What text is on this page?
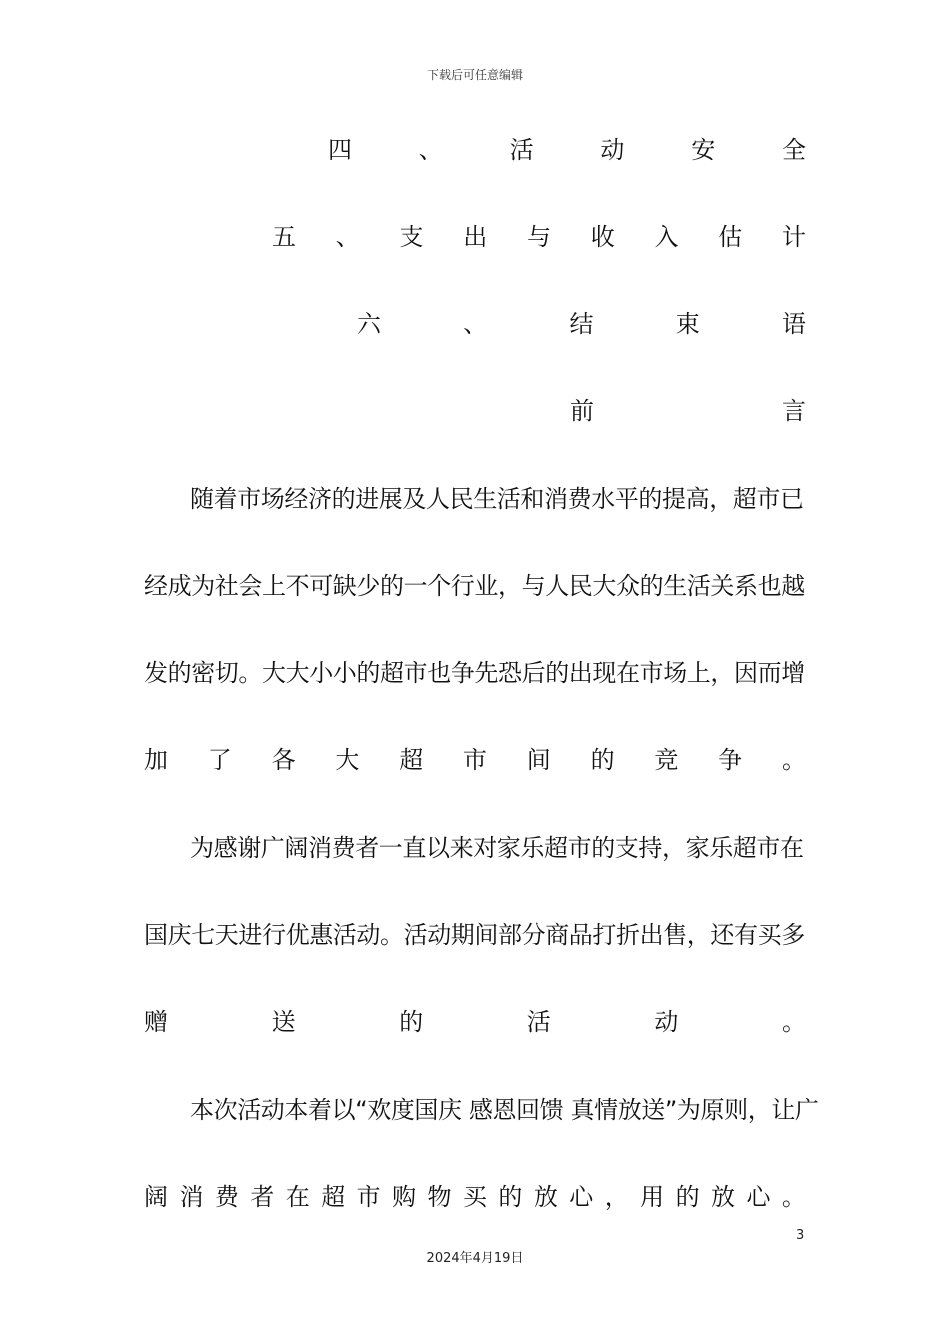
下载后可任意编辑
四	、	活	动	安	全
五 、 支 出 与 收 入 估 计
六	、	结	束	语
前	言
随着市场经济的进展及人民生活和消费水平的提高，超市已
经成为社会上不可缺少的一个行业，与人民大众的生活关系也越
发的密切。大大小小的超市也争先恐后的出现在市场上，因而增
加 了 各 大 超 市 间 的 竞 争 。
为感谢广阔消费者一直以来对家乐超市的支持，家乐超市在
国庆七天进行优惠活动。活动期间部分商品打折出售，还有买多
赠	送	的	活	动	。
本次活动本着以“欢度国庆 感恩回馈 真情放送”为原则，让广
阔 消 费 者 在 超 市 购 物 买 的 放 心 ， 用 的 放 心 。
3
2024年4月19日
